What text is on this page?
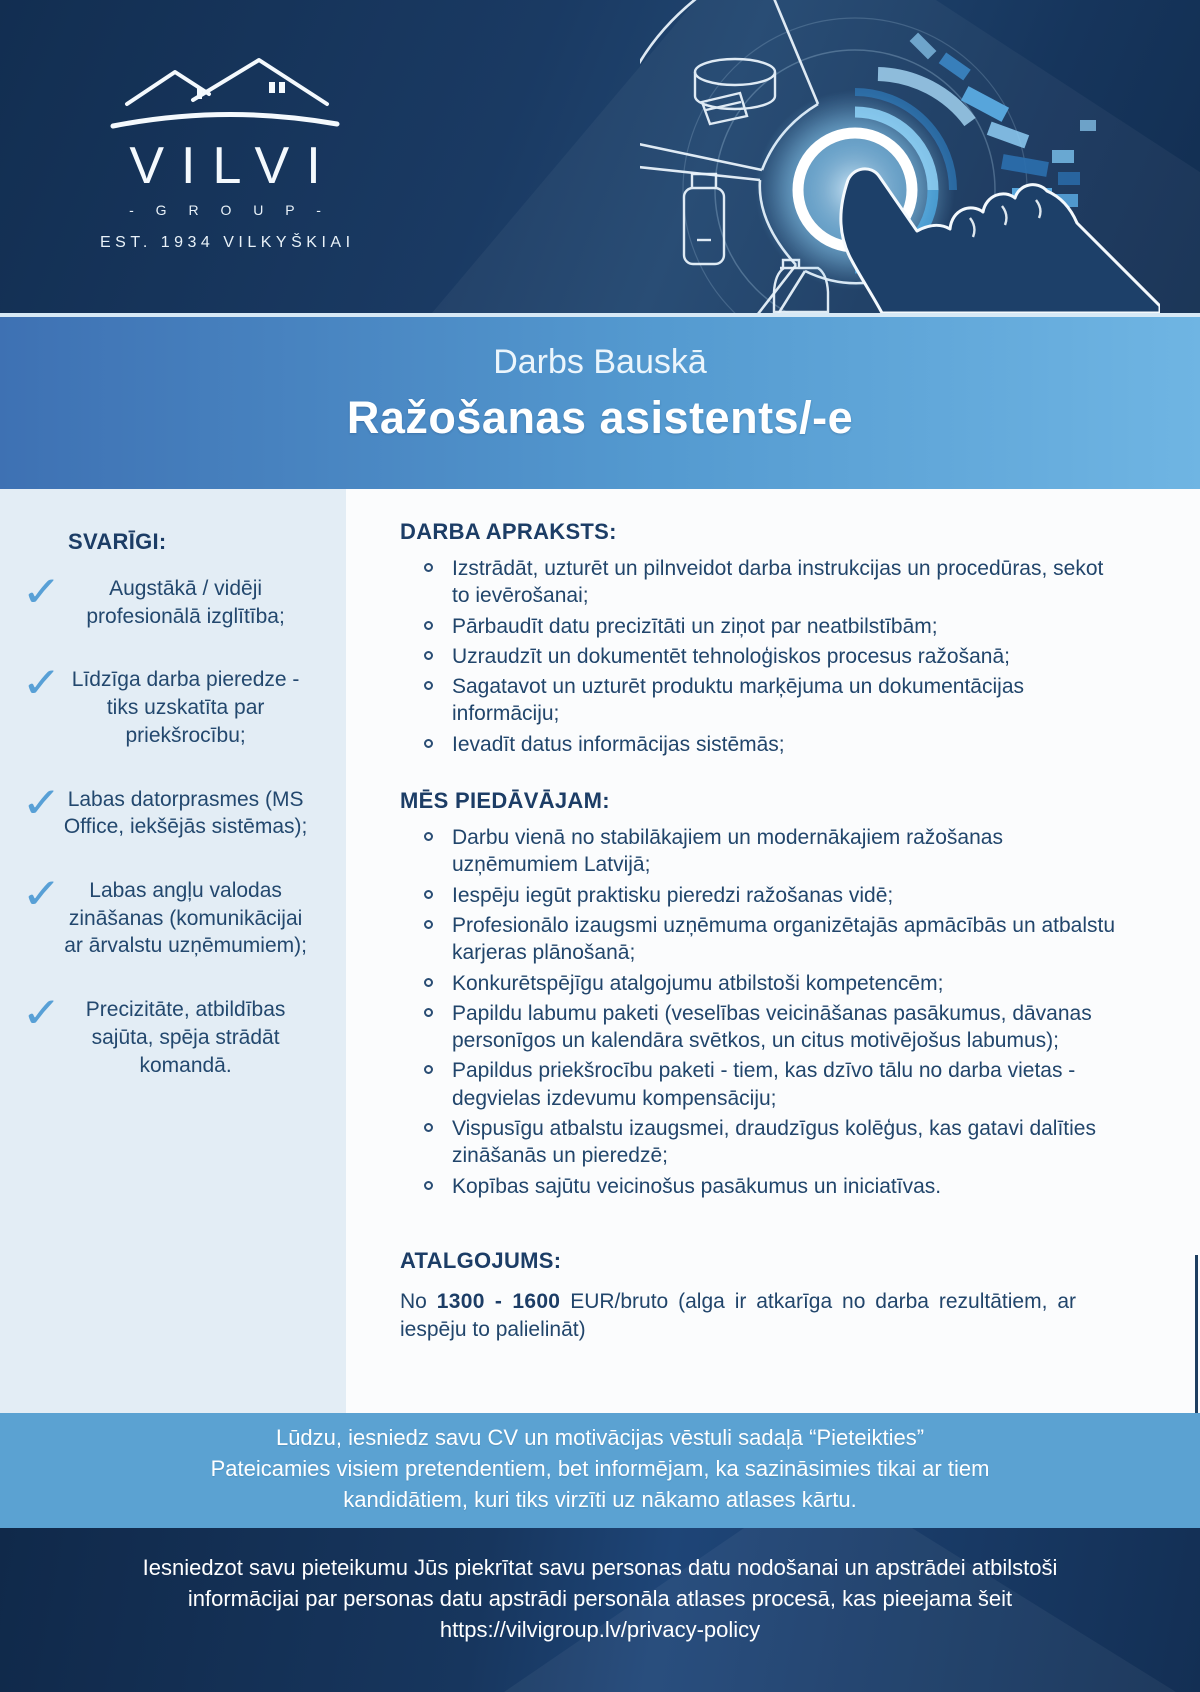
VILVI
- G R O U P -
EST. 1934 VILKYŠKIAI
Darbs Bauskā
Ražošanas asistents/-e
SVARĪGI:
✓	Augstākā / vidēji profesionālā izglītība;
✓ Līdzīga darba pieredze - tiks uzskatīta par priekšrocību;
✓ Labas datorprasmes (MS Office, iekšējās sistēmas);
✓	Labas angļu valodas zināšanas (komunikācijai ar ārvalstu uzņēmumiem);
✓	Precizitāte, atbildības sajūta, spēja strādāt komandā.
DARBA APRAKSTS:
Izstrādāt, uzturēt un pilnveidot darba instrukcijas un procedūras, sekot to ievērošanai;
Pārbaudīt datu precizītāti un ziņot par neatbilstībām;
Uzraudzīt un dokumentēt tehnoloģiskos procesus ražošanā;
Sagatavot un uzturēt produktu marķējuma un dokumentācijas informāciju;
Ievadīt datus informācijas sistēmās;
MĒS PIEDĀVĀJAM:
Darbu vienā no stabilākajiem un modernākajiem ražošanas uzņēmumiem Latvijā;
Iespēju iegūt praktisku pieredzi ražošanas vidē;
Profesionālo izaugsmi uzņēmuma organizētajās apmācībās un atbalstu karjeras plānošanā;
Konkurētspējīgu atalgojumu atbilstoši kompetencēm;
Papildu labumu paketi (veselības veicināšanas pasākumus, dāvanas personīgos un kalendāra svētkos, un citus motivējošus labumus);
Papildus priekšrocību paketi - tiem, kas dzīvo tālu no darba vietas - degvielas izdevumu kompensāciju;
Vispusīgu atbalstu izaugsmei, draudzīgus kolēģus, kas gatavi dalīties zināšanās un pieredzē;
Kopības sajūtu veicinošus pasākumus un iniciatīvas.
ATALGOJUMS:

No 1300 - 1600 EUR/bruto (alga ir atkarīga no darba rezultātiem, ar iespēju to palielināt)

Lūdzu, iesniedz savu CV un motivācijas vēstuli sadaļā “Pieteikties”

Pateicamies visiem pretendentiem, bet informējam, ka sazināsimies tikai ar tiem kandidātiem, kuri tiks virzīti uz nākamo atlases kārtu.

Iesniedzot savu pieteikumu Jūs piekrītat savu personas datu nodošanai un apstrādei atbilstoši informācijai par personas datu apstrādi personāla atlases procesā, kas pieejama šeit https://vilvigroup.lv/privacy-policy
